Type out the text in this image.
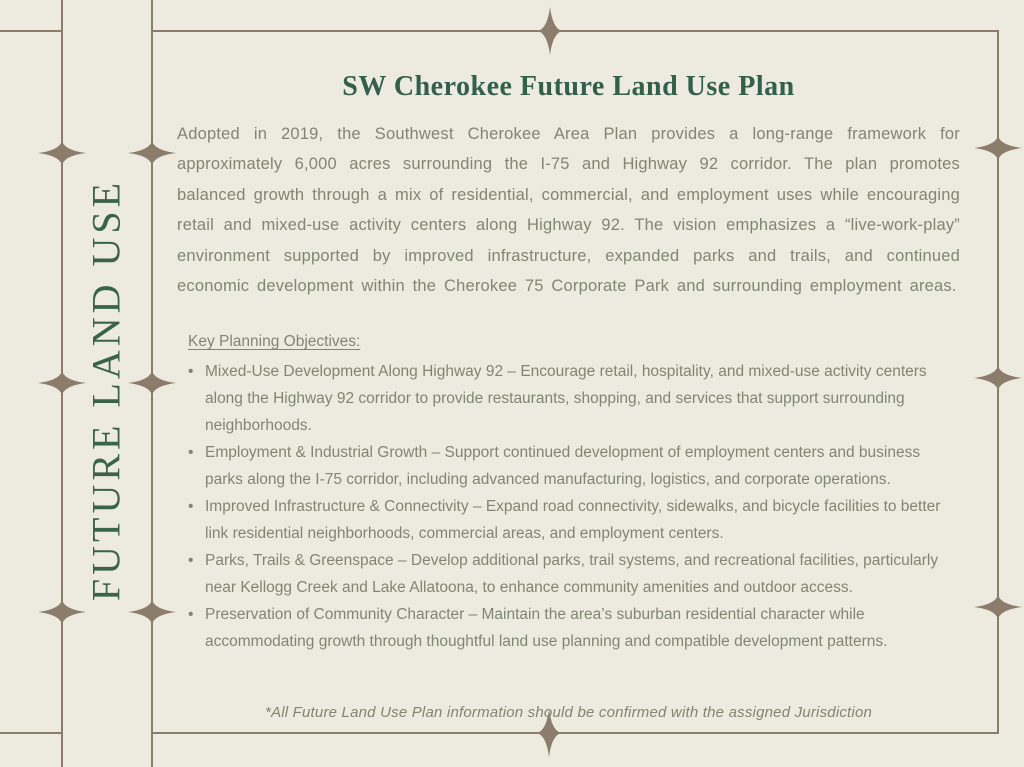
FUTURE LAND USE
SW Cherokee Future Land Use Plan

Adopted in 2019, the Southwest Cherokee Area Plan provides a long-range framework for approximately 6,000 acres surrounding the I-75 and Highway 92 corridor. The plan promotes balanced growth through a mix of residential, commercial, and employment uses while encouraging retail and mixed-use activity centers along Highway 92. The vision emphasizes a “live-work-play” environment supported by improved infrastructure, expanded parks and trails, and continued economic development within the Cherokee 75 Corporate Park and surrounding employment areas.

Key Planning Objectives:
• Mixed-Use Development Along Highway 92 – Encourage retail, hospitality, and mixed-use activity centers along the Highway 92 corridor to provide restaurants, shopping, and services that support surrounding neighborhoods.
• Employment & Industrial Growth – Support continued development of employment centers and business parks along the I-75 corridor, including advanced manufacturing, logistics, and corporate operations.
• Improved Infrastructure & Connectivity – Expand road connectivity, sidewalks, and bicycle facilities to better link residential neighborhoods, commercial areas, and employment centers.
• Parks, Trails & Greenspace – Develop additional parks, trail systems, and recreational facilities, particularly near Kellogg Creek and Lake Allatoona, to enhance community amenities and outdoor access.
• Preservation of Community Character – Maintain the area’s suburban residential character while accommodating growth through thoughtful land use planning and compatible development patterns.
*All Future Land Use Plan information should be confirmed with the assigned Jurisdiction
